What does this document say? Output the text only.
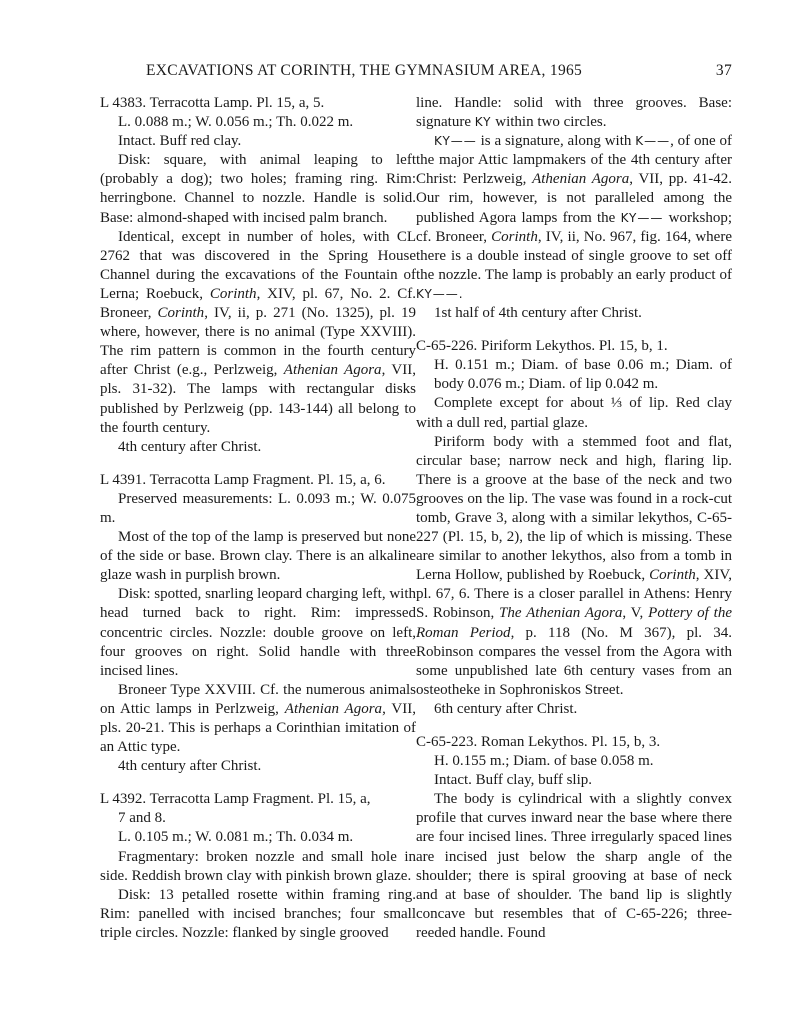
EXCAVATIONS AT CORINTH, THE GYMNASIUM AREA, 1965	37

L 4383. Terracotta Lamp. Pl. 15, a, 5.

L. 0.088 m.; W. 0.056 m.; Th. 0.022 m.

Intact. Buff red clay.

Disk: square, with animal leaping to left (probably a dog); two holes; framing ring. Rim: herringbone. Channel to nozzle. Handle is solid. Base: almond-shaped with incised palm branch.

Identical, except in number of holes, with CL 2762 that was discovered in the Spring House Channel during the excavations of the Fountain of Lerna; Roebuck, Corinth, XIV, pl. 67, No. 2. Cf. Broneer, Corinth, IV, ii, p. 271 (No. 1325), pl. 19 where, however, there is no animal (Type XXVIII). The rim pattern is common in the fourth century after Christ (e.g., Perlzweig, Athenian Agora, VII, pls. 31-32). The lamps with rectangular disks published by Perlzweig (pp. 143-144) all belong to the fourth century.

4th century after Christ.

L 4391. Terracotta Lamp Fragment. Pl. 15, a, 6.

Preserved measurements: L. 0.093 m.; W. 0.075 m.

Most of the top of the lamp is preserved but none of the side or base. Brown clay. There is an alkaline glaze wash in purplish brown.

Disk: spotted, snarling leopard charging left, with head turned back to right. Rim: impressed concentric circles. Nozzle: double groove on left, four grooves on right. Solid handle with three incised lines.

Broneer Type XXVIII. Cf. the numerous animals on Attic lamps in Perlzweig, Athenian Agora, VII, pls. 20-21. This is perhaps a Corinthian imitation of an Attic type.

4th century after Christ.

L 4392. Terracotta Lamp Fragment. Pl. 15, a,

7 and 8.

L. 0.105 m.; W. 0.081 m.; Th. 0.034 m.

Fragmentary: broken nozzle and small hole in side. Reddish brown clay with pinkish brown glaze.

Disk: 13 petalled rosette within framing ring. Rim: panelled with incised branches; four small triple circles. Nozzle: flanked by single grooved

line. Handle: solid with three grooves. Base: signature KY within two circles.

KY—— is a signature, along with K——, of one of the major Attic lampmakers of the 4th century after Christ: Perlzweig, Athenian Agora, VII, pp. 41-42. Our rim, however, is not paralleled among the published Agora lamps from the KY—— workshop; cf. Broneer, Corinth, IV, ii, No. 967, fig. 164, where there is a double instead of single groove to set off the nozzle. The lamp is probably an early product of KY——.

1st half of 4th century after Christ.

C-65-226. Piriform Lekythos. Pl. 15, b, 1.

H. 0.151 m.; Diam. of base 0.06 m.; Diam. of body 0.076 m.; Diam. of lip 0.042 m.

Complete except for about ⅓ of lip. Red clay with a dull red, partial glaze.

Piriform body with a stemmed foot and flat, circular base; narrow neck and high, flaring lip. There is a groove at the base of the neck and two grooves on the lip. The vase was found in a rock-cut tomb, Grave 3, along with a similar lekythos, C-65-227 (Pl. 15, b, 2), the lip of which is missing. These are similar to another lekythos, also from a tomb in Lerna Hollow, published by Roebuck, Corinth, XIV, pl. 67, 6. There is a closer parallel in Athens: Henry S. Robinson, The Athenian Agora, V, Pottery of the Roman Period, p. 118 (No. M 367), pl. 34. Robinson compares the vessel from the Agora with some unpublished late 6th century vases from an osteotheke in Sophroniskos Street.

6th century after Christ.

C-65-223. Roman Lekythos. Pl. 15, b, 3.

H. 0.155 m.; Diam. of base 0.058 m.

Intact. Buff clay, buff slip.

The body is cylindrical with a slightly convex profile that curves inward near the base where there are four incised lines. Three irregularly spaced lines are incised just below the sharp angle of the shoulder; there is spiral grooving at base of neck and at base of shoulder. The band lip is slightly concave but resembles that of C-65-226; three-reeded handle. Found
